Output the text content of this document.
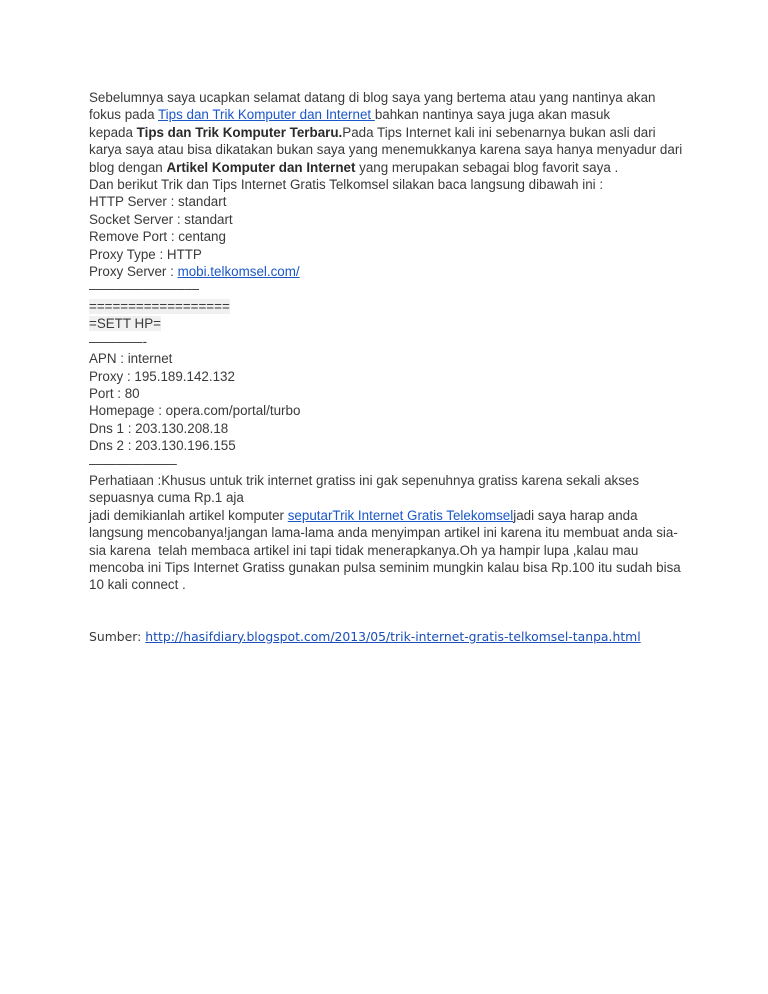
Sebelumnya saya ucapkan selamat datang di blog saya yang bertema atau yang nantinya akan
fokus pada Tips dan Trik Komputer dan Internet bahkan nantinya saya juga akan masuk
kepada Tips dan Trik Komputer Terbaru.Pada Tips Internet kali ini sebenarnya bukan asli dari
karya saya atau bisa dikatakan bukan saya yang menemukkanya karena saya hanya menyadur dari
blog dengan Artikel Komputer dan Internet yang merupakan sebagai blog favorit saya .
Dan berikut Trik dan Tips Internet Gratis Telkomsel silakan baca langsung dibawah ini :
HTTP Server : standart
Socket Server : standart
Remove Port : centang
Proxy Type : HTTP
Proxy Server : mobi.telkomsel.com/
——————––––
==================
=SETT HP=
————-
APN : internet
Proxy : 195.189.142.132
Port : 80
Homepage : opera.com/portal/turbo
Dns 1 : 203.130.208.18
Dns 2 : 203.130.196.155
——————–
Perhatiaan :Khusus untuk trik internet gratiss ini gak sepenuhnya gratiss karena sekali akses
sepuasnya cuma Rp.1 aja
jadi demikianlah artikel komputer seputarTrik Internet Gratis Telekomseljadi saya harap anda
langsung mencobanya!jangan lama-lama anda menyimpan artikel ini karena itu membuat anda sia-
sia karena  telah membaca artikel ini tapi tidak menerapkanya.Oh ya hampir lupa ,kalau mau
mencoba ini Tips Internet Gratiss gunakan pulsa seminim mungkin kalau bisa Rp.100 itu sudah bisa
10 kali connect .
Sumber: http://hasifdiary.blogspot.com/2013/05/trik-internet-gratis-telkomsel-tanpa.html
